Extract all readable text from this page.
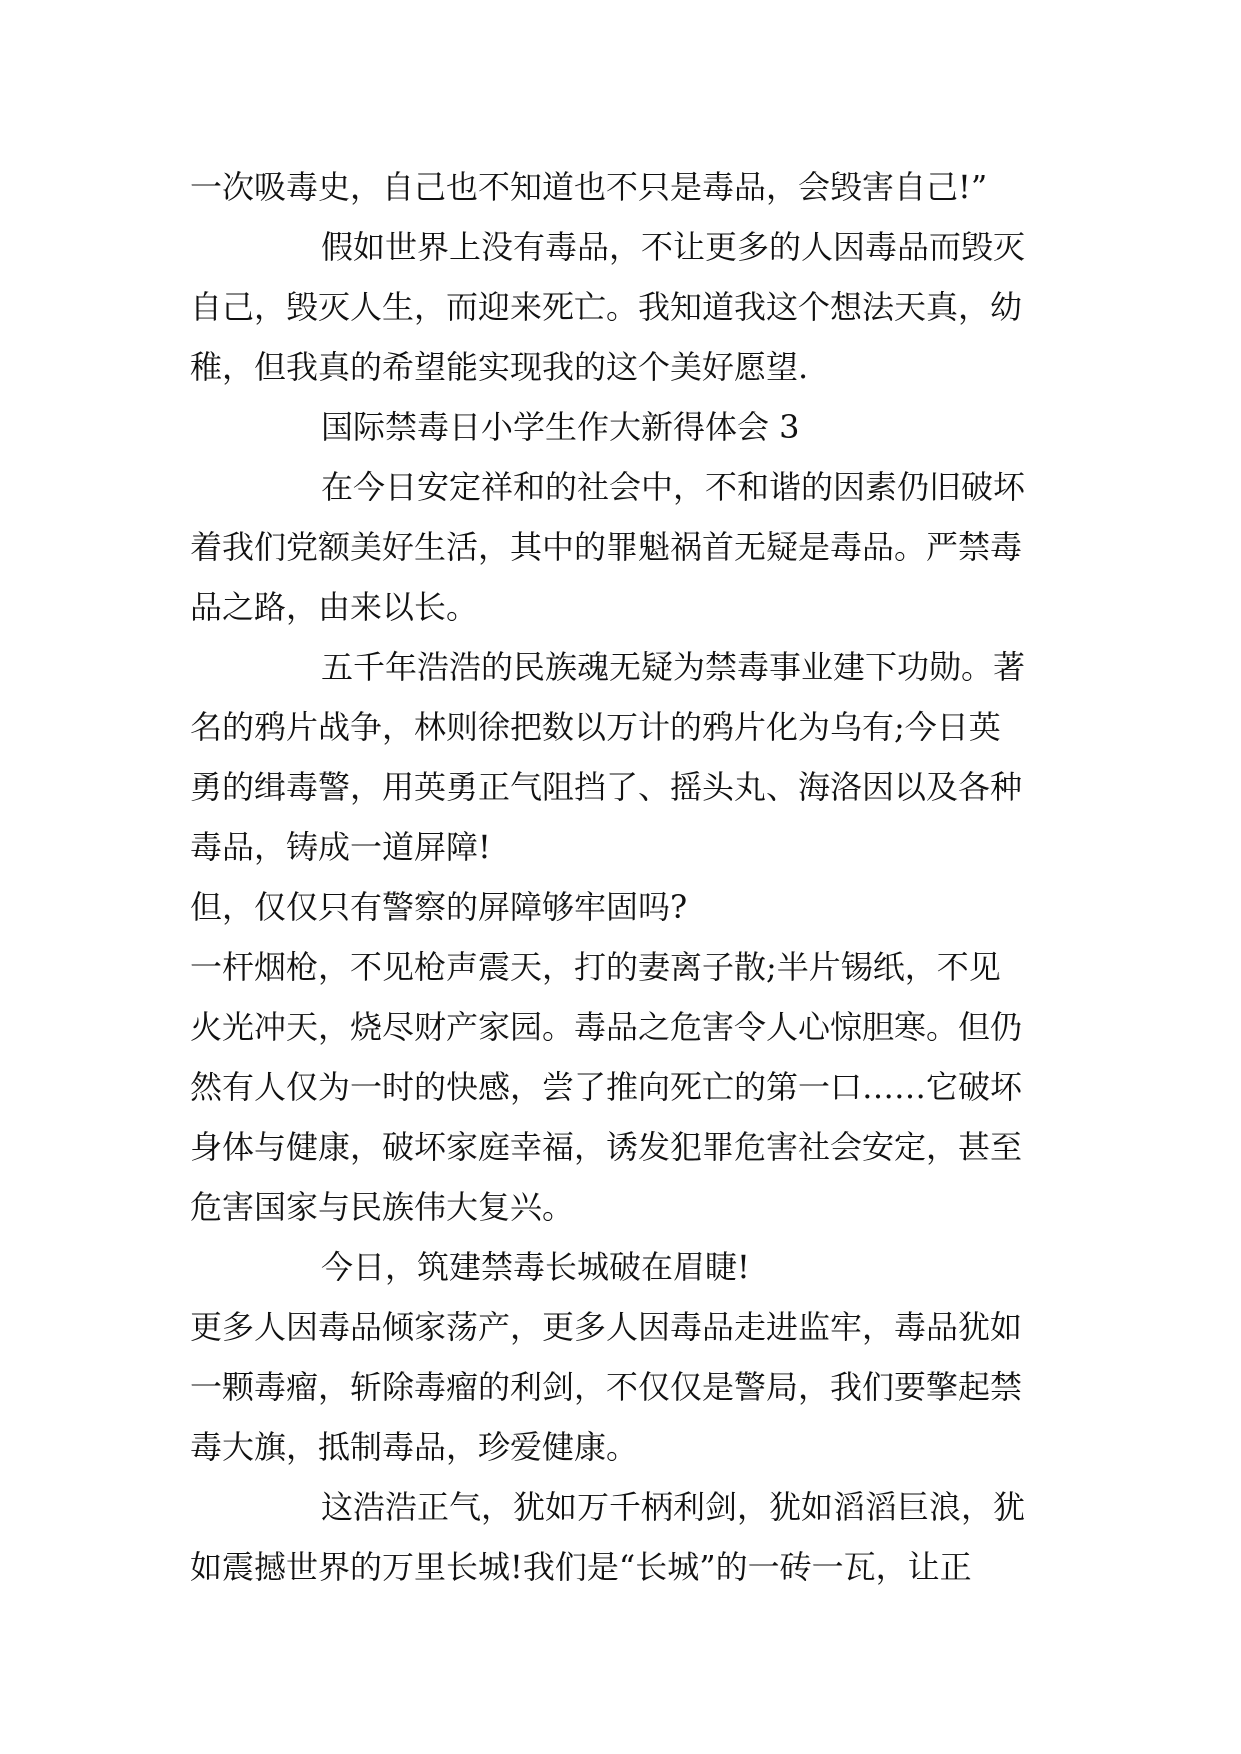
一次吸毒史，自己也不知道也不只是毒品，会毁害自己!”
假如世界上没有毒品，不让更多的人因毒品而毁灭
自己，毁灭人生，而迎来死亡。我知道我这个想法天真，幼
稚，但我真的希望能实现我的这个美好愿望.
国际禁毒日小学生作大新得体会 3
在今日安定祥和的社会中，不和谐的因素仍旧破坏
着我们党额美好生活，其中的罪魁祸首无疑是毒品。严禁毒
品之路，由来以长。
五千年浩浩的民族魂无疑为禁毒事业建下功勋。著
名的鸦片战争，林则徐把数以万计的鸦片化为乌有;今日英
勇的缉毒警，用英勇正气阻挡了、摇头丸、海洛因以及各种
毒品，铸成一道屏障!
但，仅仅只有警察的屏障够牢固吗?
一杆烟枪，不见枪声震天，打的妻离子散;半片锡纸，不见
火光冲天，烧尽财产家园。毒品之危害令人心惊胆寒。但仍
然有人仅为一时的快感，尝了推向死亡的第一口……它破坏
身体与健康，破坏家庭幸福，诱发犯罪危害社会安定，甚至
危害国家与民族伟大复兴。
今日，筑建禁毒长城破在眉睫!
更多人因毒品倾家荡产，更多人因毒品走进监牢，毒品犹如
一颗毒瘤，斩除毒瘤的利剑，不仅仅是警局，我们要擎起禁
毒大旗，抵制毒品，珍爱健康。
这浩浩正气，犹如万千柄利剑，犹如滔滔巨浪，犹
如震撼世界的万里长城!我们是“长城”的一砖一瓦，让正
